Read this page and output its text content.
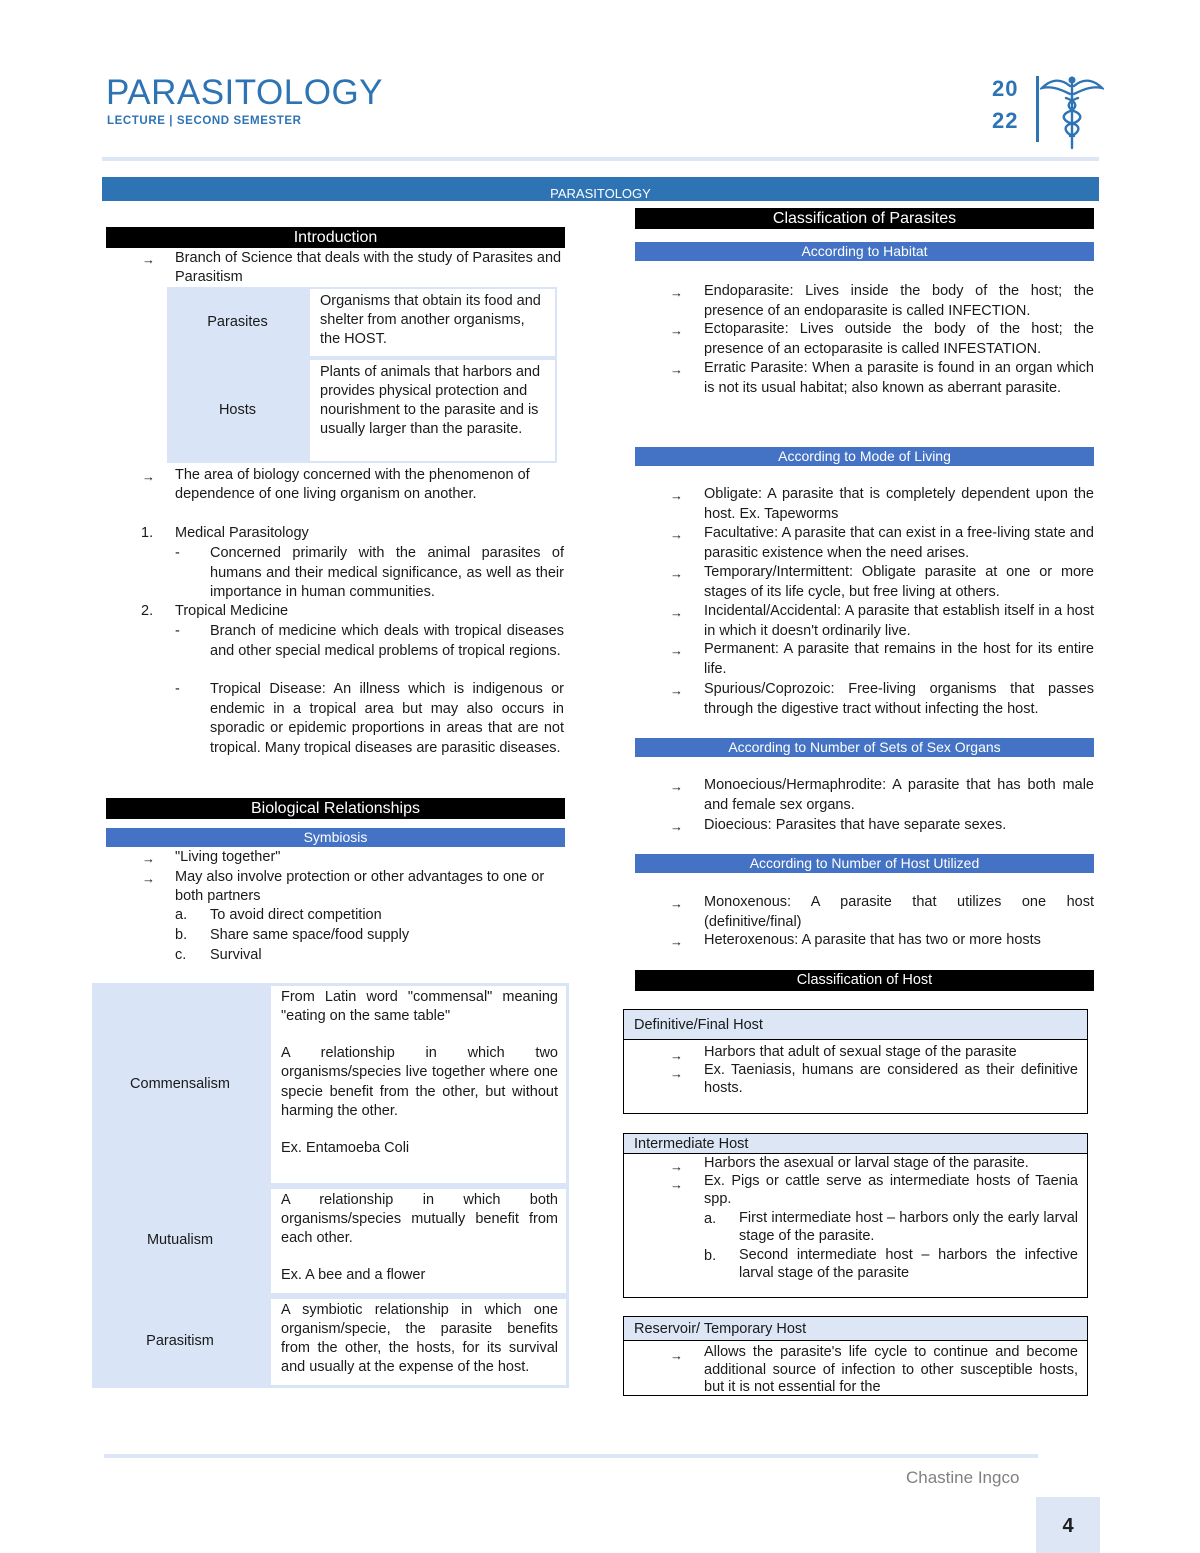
PARASITOLOGY
LECTURE | SECOND SEMESTER
20
22
PARASITOLOGY
Introduction
→ Branch of Science that deals with the study of Parasites and Parasitism
Parasites	Organisms that obtain its food and shelter from another organisms, the HOST.
Hosts	Plants of animals that harbors and provides physical protection and nourishment to the parasite and is usually larger than the parasite.
→ The area of biology concerned with the phenomenon of dependence of one living organism on another.
1. Medical Parasitology
- Concerned primarily with the animal parasites of humans and their medical significance, as well as their importance in human communities.
2. Tropical Medicine
- Branch of medicine which deals with tropical diseases and other special medical problems of tropical regions.
- Tropical Disease: An illness which is indigenous or endemic in a tropical area but may also occurs in sporadic or epidemic proportions in areas that are not tropical. Many tropical diseases are parasitic diseases.
Biological Relationships
Symbiosis
→ "Living together"
→ May also involve protection or other advantages to one or both partners
a. To avoid direct competition
b. Share same space/food supply
c. Survival
Commensalism	From Latin word "commensal" meaning "eating on the same table"
A relationship in which two organisms/species live together where one specie benefit from the other, but without harming the other.
Ex. Entamoeba Coli

Mutualism	A relationship in which both organisms/species mutually benefit from each other.
Ex. A bee and a flower

Parasitism	A symbiotic relationship in which one organism/specie, the parasite benefits from the other, the hosts, for its survival and usually at the expense of the host.
Classification of Parasites
According to Habitat
→ Endoparasite: Lives inside the body of the host; the presence of an endoparasite is called INFECTION.
→ Ectoparasite: Lives outside the body of the host; the presence of an ectoparasite is called INFESTATION.
→ Erratic Parasite: When a parasite is found in an organ which is not its usual habitat; also known as aberrant parasite.
According to Mode of Living
→ Obligate: A parasite that is completely dependent upon the host. Ex. Tapeworms
→ Facultative: A parasite that can exist in a free-living state and parasitic existence when the need arises.
→ Temporary/Intermittent: Obligate parasite at one or more stages of its life cycle, but free living at others.
→ Incidental/Accidental: A parasite that establish itself in a host in which it doesn't ordinarily live.
→ Permanent: A parasite that remains in the host for its entire life.
→ Spurious/Coprozoic: Free-living organisms that passes through the digestive tract without infecting the host.
According to Number of Sets of Sex Organs
→ Monoecious/Hermaphrodite: A parasite that has both male and female sex organs.
→ Dioecious: Parasites that have separate sexes.
According to Number of Host Utilized
→ Monoxenous: A parasite that utilizes one host (definitive/final)
→ Heteroxenous: A parasite that has two or more hosts
Classification of Host
Definitive/Final Host
→ Harbors that adult of sexual stage of the parasite
→ Ex. Taeniasis, humans are considered as their definitive hosts.
Intermediate Host
→ Harbors the asexual or larval stage of the parasite.
→ Ex. Pigs or cattle serve as intermediate hosts of Taenia spp.
a. First intermediate host – harbors only the early larval stage of the parasite.
b. Second intermediate host – harbors the infective larval stage of the parasite
Reservoir/ Temporary Host
→ Allows the parasite's life cycle to continue and become additional source of infection to other susceptible hosts, but it is not essential for the
Chastine Ingco
4
